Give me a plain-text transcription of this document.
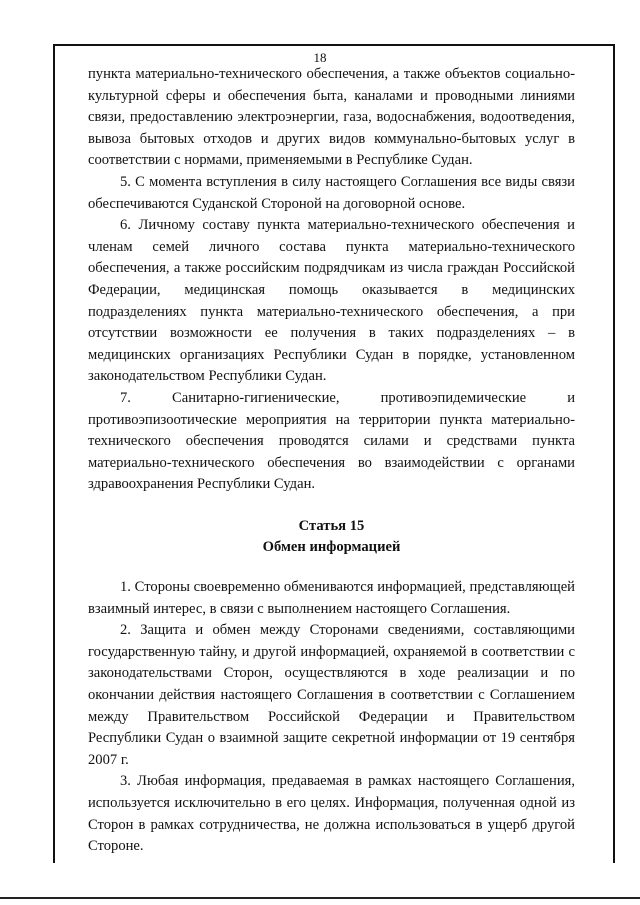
18

пункта материально-технического обеспечения, а также объектов социально-культурной сферы и обеспечения быта, каналами и проводными линиями связи, предоставлению электроэнергии, газа, водоснабжения, водоотведения, вывоза бытовых отходов и других видов коммунально-бытовых услуг в соответствии с нормами, применяемыми в Республике Судан.

5. С момента вступления в силу настоящего Соглашения все виды связи обеспечиваются Суданской Стороной на договорной основе.

6. Личному составу пункта материально-технического обеспечения и членам семей личного состава пункта материально-технического обеспечения, а также российским подрядчикам из числа граждан Российской Федерации, медицинская помощь оказывается в медицинских подразделениях пункта материально-технического обеспечения, а при отсутствии возможности ее получения в таких подразделениях – в медицинских организациях Республики Судан в порядке, установленном законодательством Республики Судан.

7. Санитарно-гигиенические, противоэпидемические и противоэпизоотические мероприятия на территории пункта материально-технического обеспечения проводятся силами и средствами пункта материально-технического обеспечения во взаимодействии с органами здравоохранения Республики Судан.

Статья 15
Обмен информацией

1. Стороны своевременно обмениваются информацией, представляющей взаимный интерес, в связи с выполнением настоящего Соглашения.

2. Защита и обмен между Сторонами сведениями, составляющими государственную тайну, и другой информацией, охраняемой в соответствии с законодательствами Сторон, осуществляются в ходе реализации и по окончании действия настоящего Соглашения в соответствии с Соглашением между Правительством Российской Федерации и Правительством Республики Судан о взаимной защите секретной информации от 19 сентября 2007 г.

3. Любая информация, предаваемая в рамках настоящего Соглашения, используется исключительно в его целях. Информация, полученная одной из Сторон в рамках сотрудничества, не должна использоваться в ущерб другой Стороне.
